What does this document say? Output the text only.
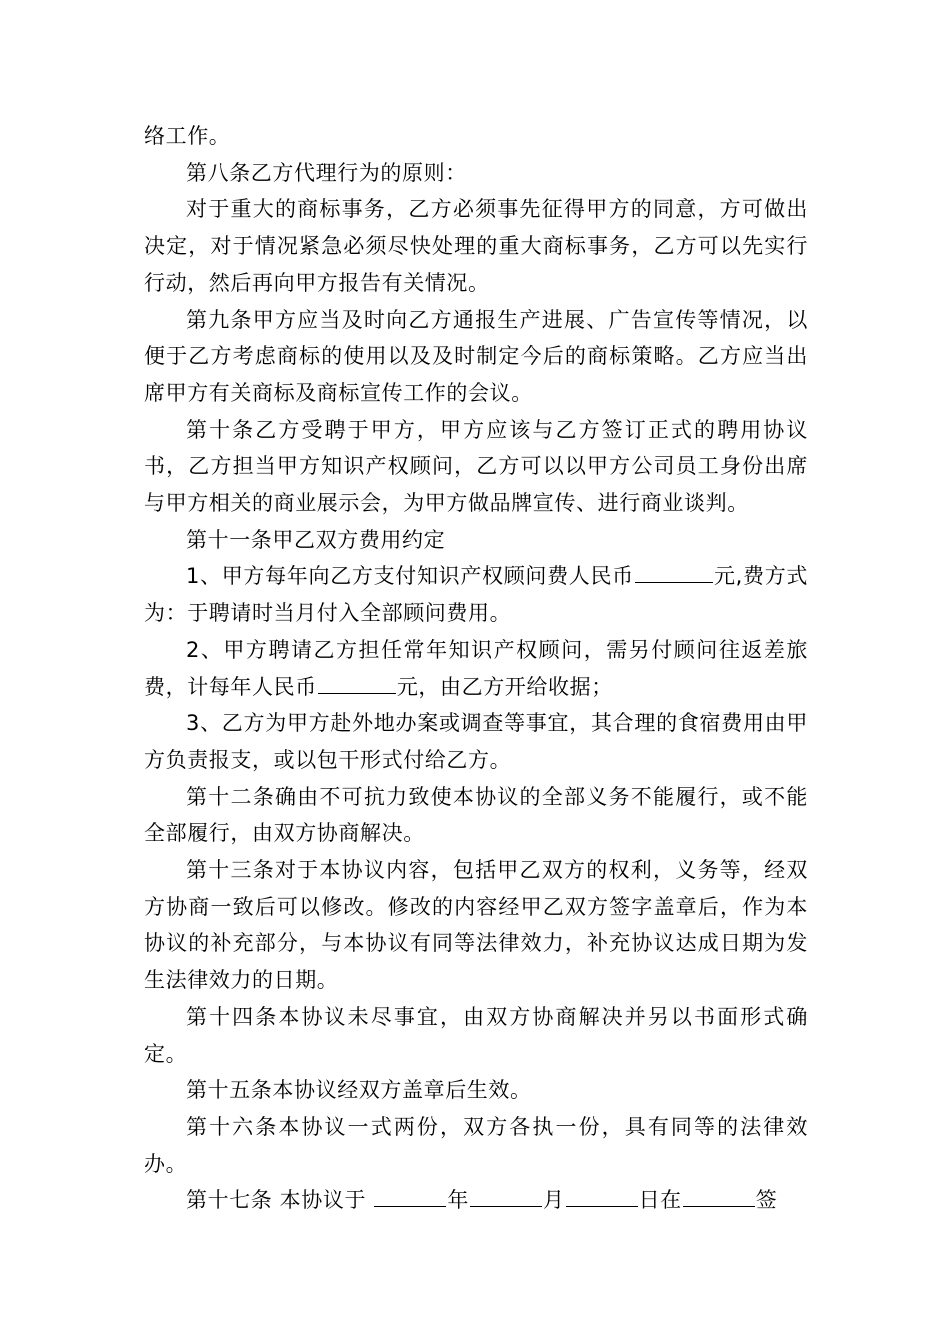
络工作。

第八条乙方代理行为的原则：

对于重大的商标事务，乙方必须事先征得甲方的同意，方可做出决定，对于情况紧急必须尽快处理的重大商标事务，乙方可以先实行行动，然后再向甲方报告有关情况。

第九条甲方应当及时向乙方通报生产进展、广告宣传等情况，以便于乙方考虑商标的使用以及及时制定今后的商标策略。乙方应当出席甲方有关商标及商标宣传工作的会议。

第十条乙方受聘于甲方，甲方应该与乙方签订正式的聘用协议书，乙方担当甲方知识产权顾问，乙方可以以甲方公司员工身份出席与甲方相关的商业展示会，为甲方做品牌宣传、进行商业谈判。

第十一条甲乙双方费用约定

1、甲方每年向乙方支付知识产权顾问费人民币	元,费方式为：于聘请时当月付入全部顾问费用。

2、甲方聘请乙方担任常年知识产权顾问，需另付顾问往返差旅费，计每年人民币	元，由乙方开给收据；

3、乙方为甲方赴外地办案或调查等事宜，其合理的食宿费用由甲方负责报支，或以包干形式付给乙方。

第十二条确由不可抗力致使本协议的全部义务不能履行，或不能全部履行，由双方协商解决。

第十三条对于本协议内容，包括甲乙双方的权利，义务等，经双方协商一致后可以修改。修改的内容经甲乙双方签字盖章后，作为本协议的补充部分，与本协议有同等法律效力，补充协议达成日期为发生法律效力的日期。

第十四条本协议未尽事宜，由双方协商解决并另以书面形式确定。

第十五条本协议经双方盖章后生效。

第十六条本协议一式两份，双方各执一份，具有同等的法律效办。

第十七条 本协议于	年	月	日在	签
